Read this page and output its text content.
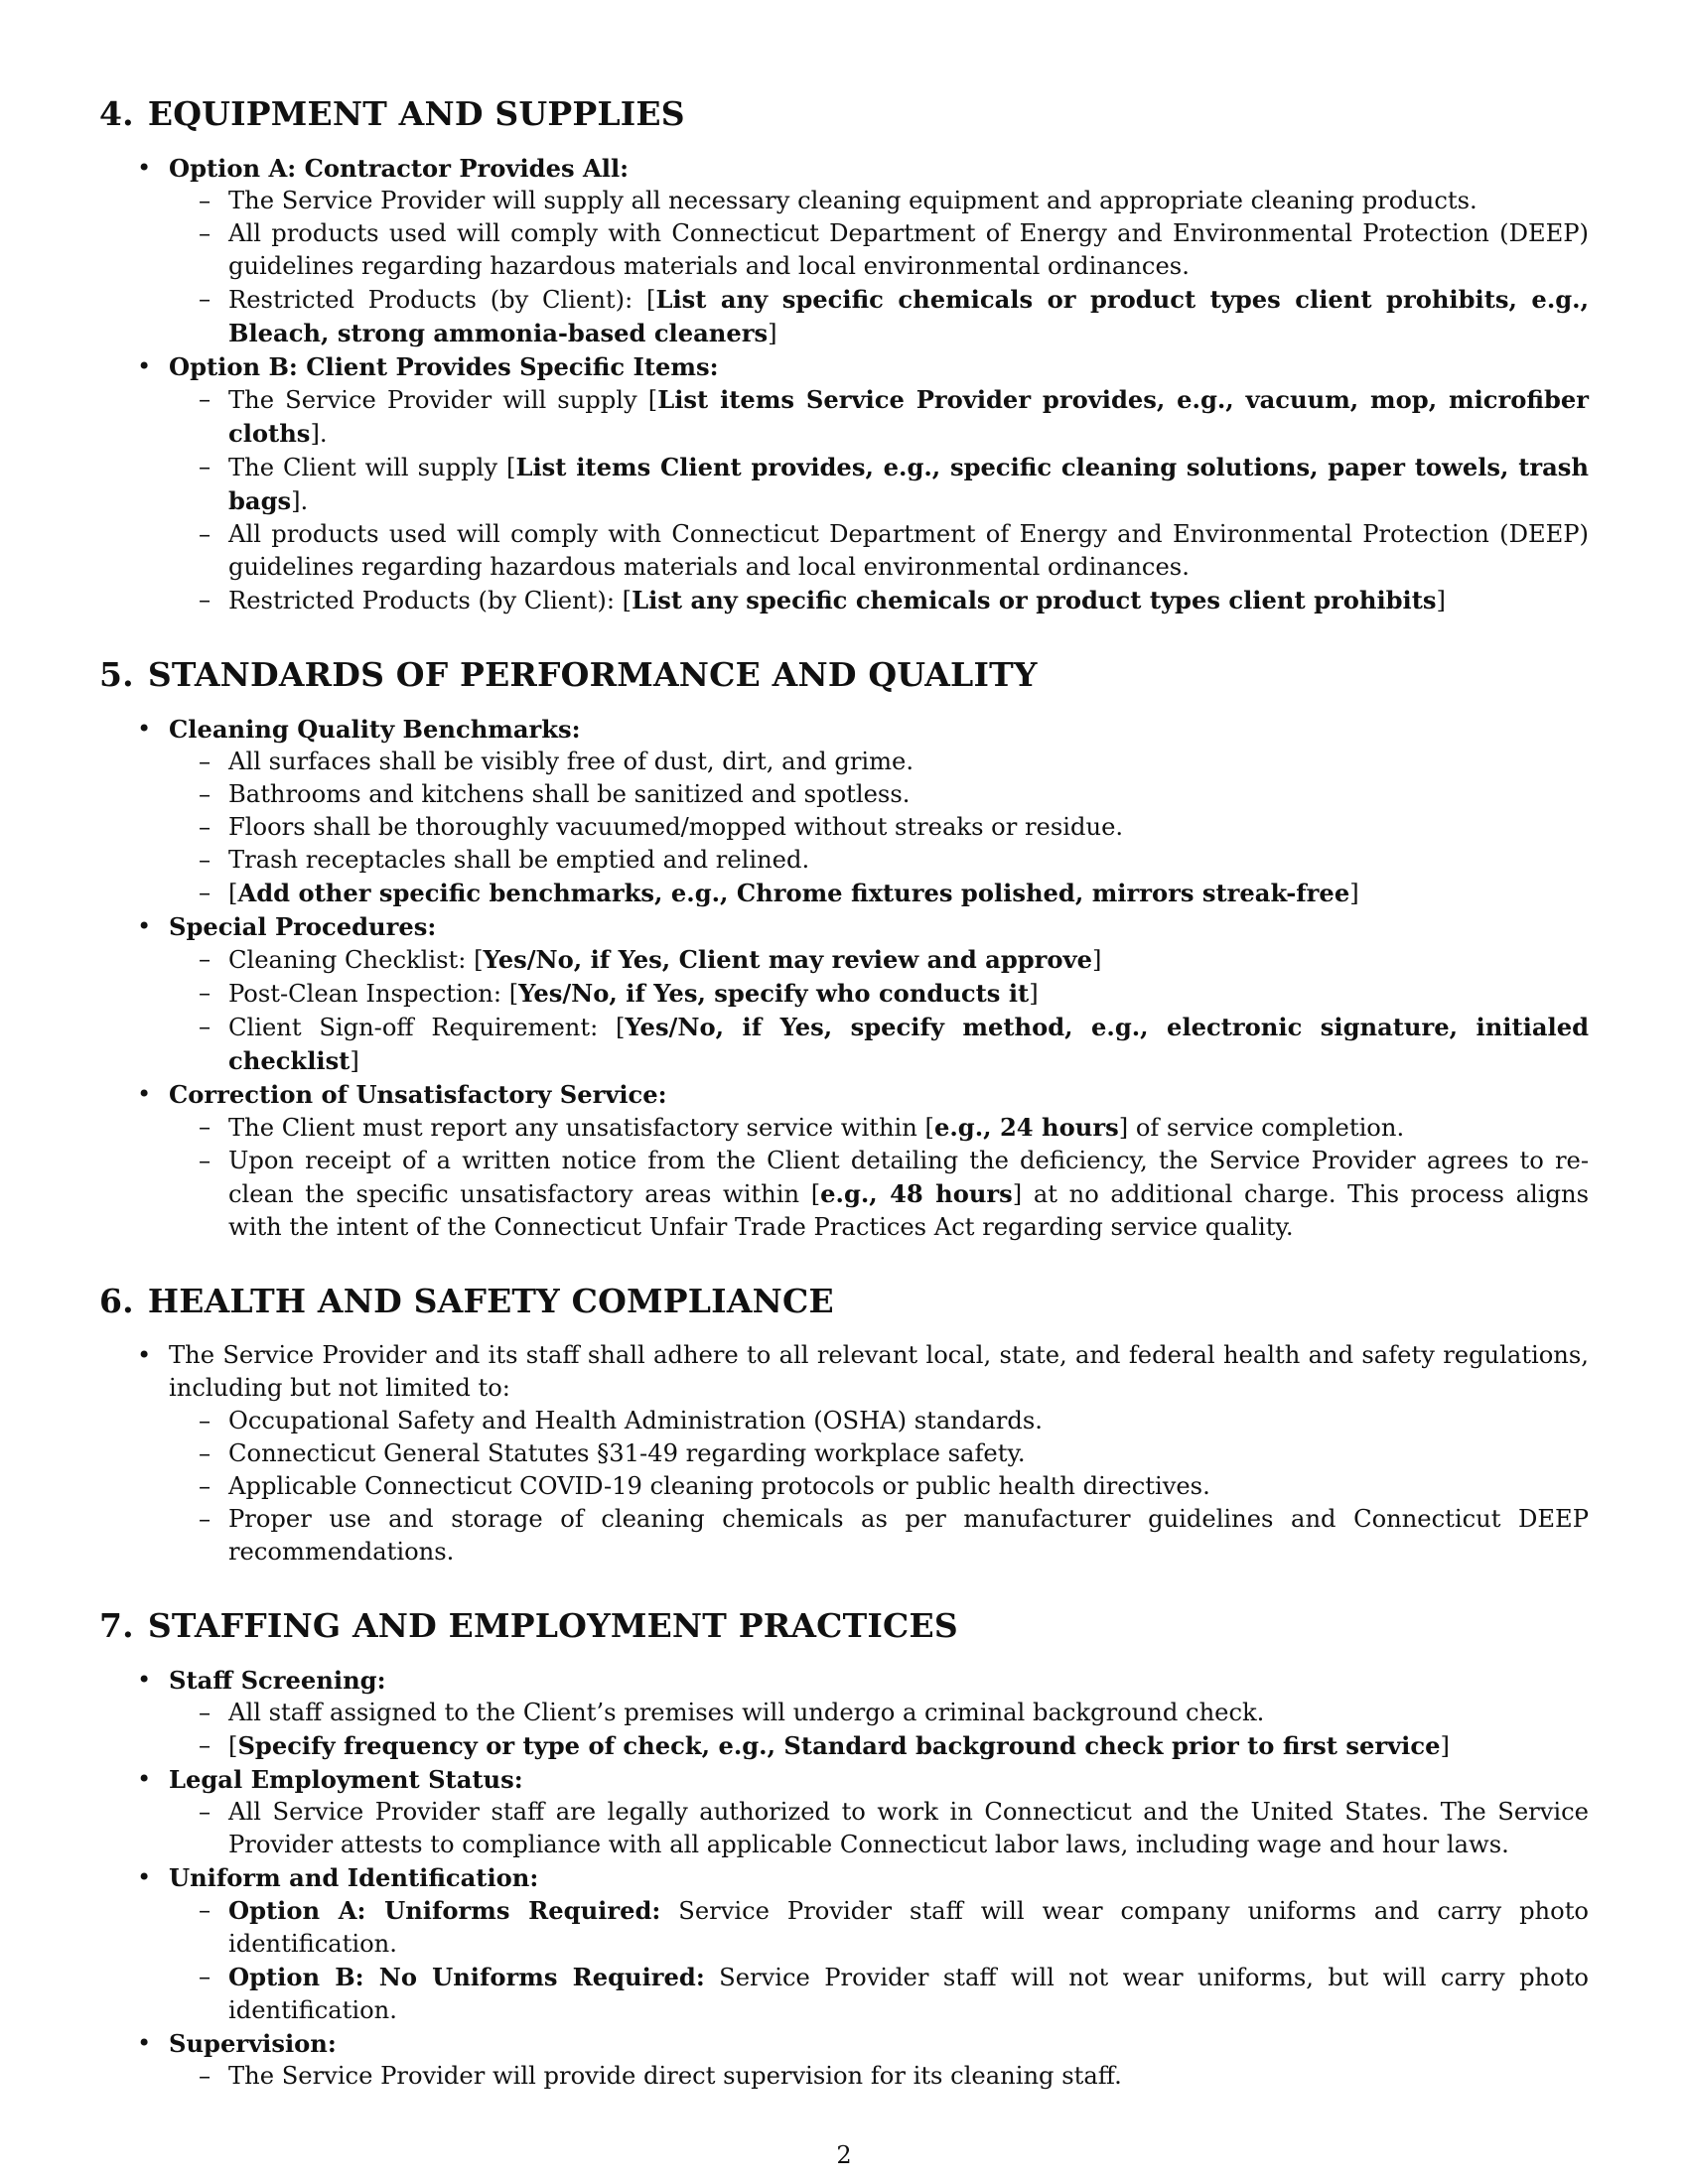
4. EQUIPMENT AND SUPPLIES
• Option A: Contractor Provides All:
– The Service Provider will supply all necessary cleaning equipment and appropriate cleaning products.
– All products used will comply with Connecticut Department of Energy and Environmental Protection (DEEP) guidelines regarding hazardous materials and local environmental ordinances.
– Restricted Products (by Client): [List any specific chemicals or product types client prohibits, e.g., Bleach, strong ammonia-based cleaners]
• Option B: Client Provides Specific Items:
– The Service Provider will supply [List items Service Provider provides, e.g., vacuum, mop, microfiber cloths].
– The Client will supply [List items Client provides, e.g., specific cleaning solutions, paper towels, trash bags].
– All products used will comply with Connecticut Department of Energy and Environmental Protection (DEEP) guidelines regarding hazardous materials and local environmental ordinances.
– Restricted Products (by Client): [List any specific chemicals or product types client prohibits]
5. STANDARDS OF PERFORMANCE AND QUALITY
• Cleaning Quality Benchmarks:
– All surfaces shall be visibly free of dust, dirt, and grime.
– Bathrooms and kitchens shall be sanitized and spotless.
– Floors shall be thoroughly vacuumed/mopped without streaks or residue.
– Trash receptacles shall be emptied and relined.
– [Add other specific benchmarks, e.g., Chrome fixtures polished, mirrors streak-free]
• Special Procedures:
– Cleaning Checklist: [Yes/No, if Yes, Client may review and approve]
– Post-Clean Inspection: [Yes/No, if Yes, specify who conducts it]
– Client Sign-off Requirement: [Yes/No, if Yes, specify method, e.g., electronic signature, initialed checklist]
• Correction of Unsatisfactory Service:
– The Client must report any unsatisfactory service within [e.g., 24 hours] of service completion.
– Upon receipt of a written notice from the Client detailing the deficiency, the Service Provider agrees to re-clean the specific unsatisfactory areas within [e.g., 48 hours] at no additional charge. This process aligns with the intent of the Connecticut Unfair Trade Practices Act regarding service quality.
6. HEALTH AND SAFETY COMPLIANCE
• The Service Provider and its staff shall adhere to all relevant local, state, and federal health and safety regulations, including but not limited to:
– Occupational Safety and Health Administration (OSHA) standards.
– Connecticut General Statutes §31-49 regarding workplace safety.
– Applicable Connecticut COVID-19 cleaning protocols or public health directives.
– Proper use and storage of cleaning chemicals as per manufacturer guidelines and Connecticut DEEP recommendations.
7. STAFFING AND EMPLOYMENT PRACTICES
• Staff Screening:
– All staff assigned to the Client’s premises will undergo a criminal background check.
– [Specify frequency or type of check, e.g., Standard background check prior to first service]
• Legal Employment Status:
– All Service Provider staff are legally authorized to work in Connecticut and the United States. The Service Provider attests to compliance with all applicable Connecticut labor laws, including wage and hour laws.
• Uniform and Identification:
– Option A: Uniforms Required: Service Provider staff will wear company uniforms and carry photo identification.
– Option B: No Uniforms Required: Service Provider staff will not wear uniforms, but will carry photo identification.
• Supervision:
– The Service Provider will provide direct supervision for its cleaning staff.
2
